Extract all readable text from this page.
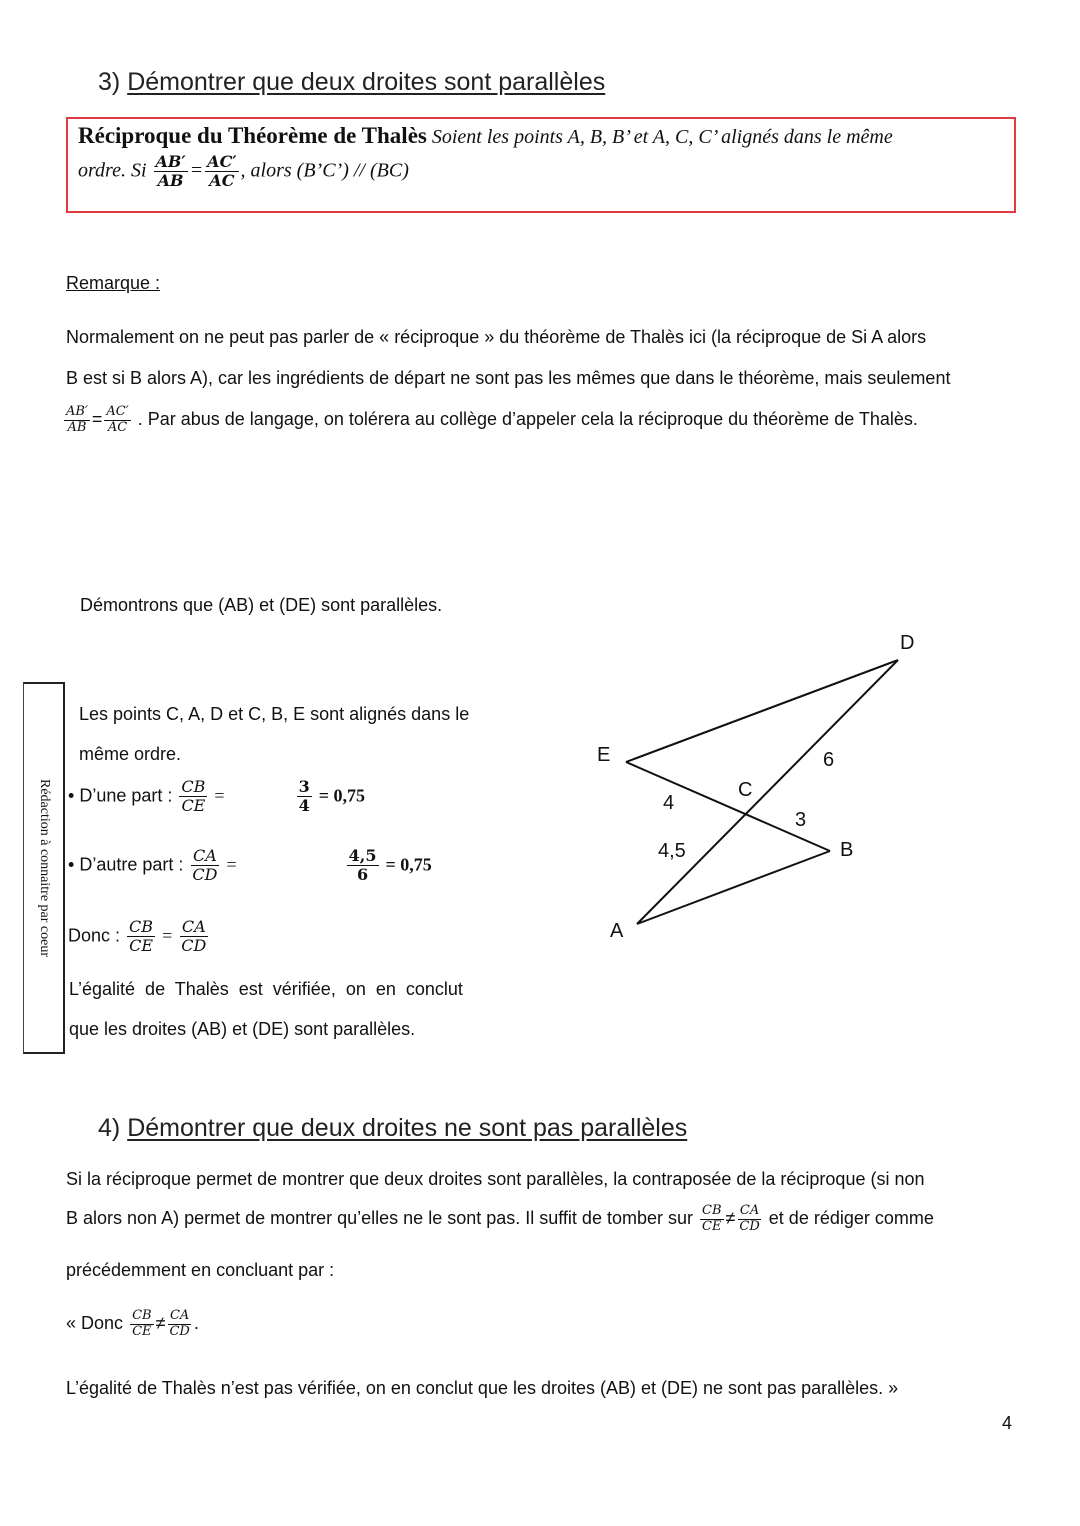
3) Démontrer que deux droites sont parallèles
Réciproque du Théorème de Thalès Soient les points A, B, B’ et A, C, C’ alignés dans le même
ordre. Si $\frac{AB'}{AB} = \frac{AC'}{AC}$ , alors (B’C’) // (BC)
Remarque :
Normalement on ne peut pas parler de « réciproque » du théorème de Thalès ici (la réciproque de Si A alors
B est si B alors A), car les ingrédients de départ ne sont pas les mêmes que dans le théorème, mais seulement
$\frac{AB'}{AB} = \frac{AC'}{AC}$ . Par abus de langage, on tolérera au collège d’appeler cela la réciproque du théorème de Thalès.
Démontrons que (AB) et (DE) sont parallèles.
Rédaction à connaitre par coeur
Les points C, A, D et C, B, E sont alignés dans le
même ordre.
• D’une part : $\frac{CB}{CE}$ =	$\frac{3}{4} = 0,75$
• D’autre part : $\frac{CA}{CD}$ =	$\frac{4,5}{6} = 0,75$
Donc : $\frac{CB}{CE} = \frac{CA}{CD}$
L’égalité de Thalès est vérifiée, on en conclut
que les droites (AB) et (DE) sont parallèles.
D
E
C
B
A
6
4
3
4,5
4) Démontrer que deux droites ne sont pas parallèles
Si la réciproque permet de montrer que deux droites sont parallèles, la contraposée de la réciproque (si non
B alors non A) permet de montrer qu’elles ne le sont pas. Il suffit de tomber sur $\frac{CB}{CE} \ne \frac{CA}{CD}$ et de rédiger comme
précédemment en concluant par :
« Donc $\frac{CB}{CE} \ne \frac{CA}{CD}$ .
L’égalité de Thalès n’est pas vérifiée, on en conclut que les droites (AB) et (DE) ne sont pas parallèles. »
4
